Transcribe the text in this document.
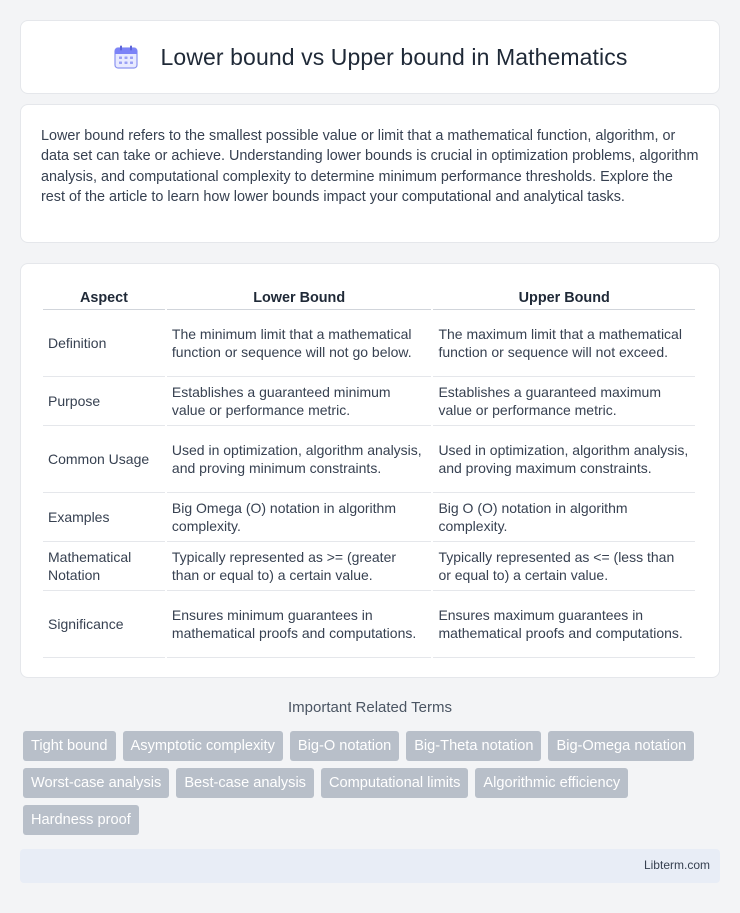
Lower bound vs Upper bound in Mathematics

Lower bound refers to the smallest possible value or limit that a mathematical function, algorithm, or data set can take or achieve. Understanding lower bounds is crucial in optimization problems, algorithm analysis, and computational complexity to determine minimum performance thresholds. Explore the rest of the article to learn how lower bounds impact your computational and analytical tasks.

Aspect	Lower Bound	Upper Bound
Definition	The minimum limit that a mathematical function or sequence will not go below.	The maximum limit that a mathematical function or sequence will not exceed.
Purpose	Establishes a guaranteed minimum value or performance metric.	Establishes a guaranteed maximum value or performance metric.
Common Usage	Used in optimization, algorithm analysis, and proving minimum constraints.	Used in optimization, algorithm analysis, and proving maximum constraints.
Examples	Big Omega (O) notation in algorithm complexity.	Big O (O) notation in algorithm complexity.
Mathematical Notation	Typically represented as >= (greater than or equal to) a certain value.	Typically represented as <= (less than or equal to) a certain value.
Significance	Ensures minimum guarantees in mathematical proofs and computations.	Ensures maximum guarantees in mathematical proofs and computations.
Important Related Terms
Tight bound	Asymptotic complexity	Big-O notation	Big-Theta notation	Big-Omega notation
Worst-case analysis	Best-case analysis	Computational limits	Algorithmic efficiency
Hardness proof
Libterm.com
